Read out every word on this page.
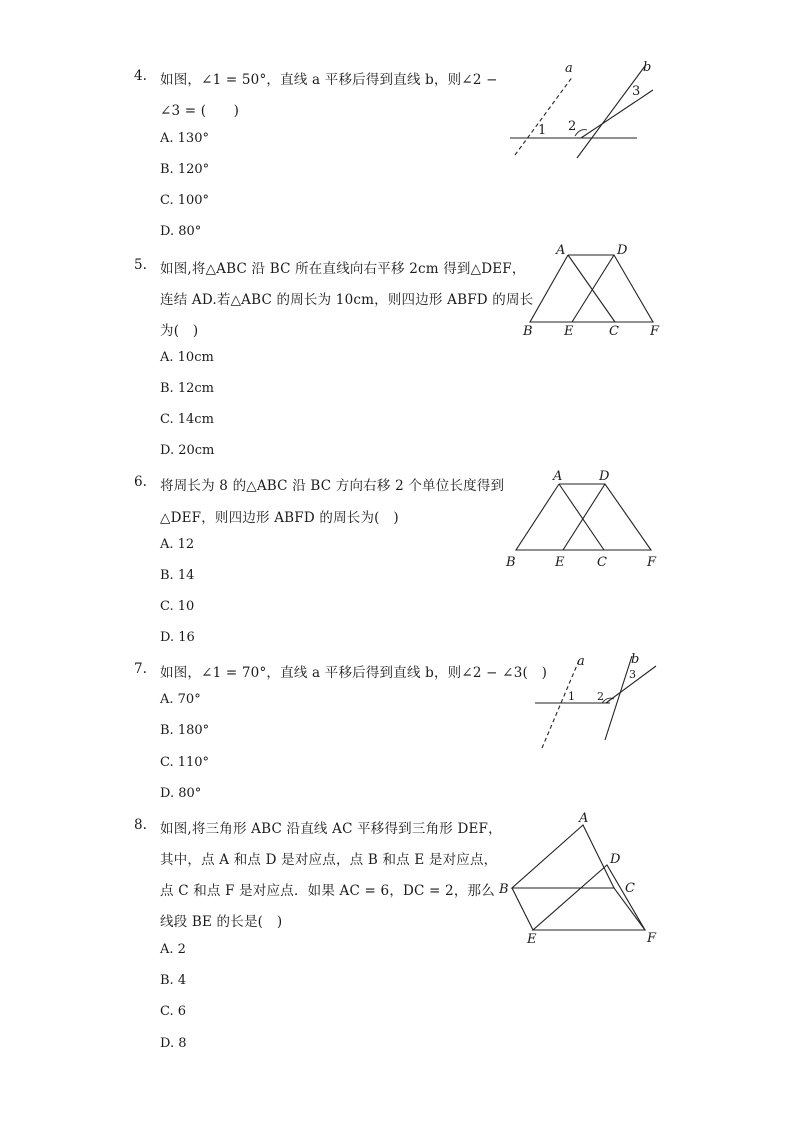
4. 如图，∠1 = 50°，直线 a 平移后得到直线 b，则∠2 −
∠3 = (　　)
A. 130°
B. 120°
C. 100°
D. 80°
a	b
1 2
3
5. 如图,将△ABC 沿 BC 所在直线向右平移 2cm 得到△DEF，
连结 AD.若△ABC 的周长为 10cm，则四边形 ABFD 的周长
为(　)
A. 10cm
B. 12cm
C. 14cm
D. 20cm
A	D
B E	C F
6. 将周长为 8 的△ABC 沿 BC 方向右移 2 个单位长度得到
△DEF，则四边形 ABFD 的周长为(　)
A. 12
B. 14
C. 10
D. 16
A	D
B	E	C	F
7. 如图，∠1 = 70°，直线 a 平移后得到直线 b，则∠2 − ∠3(　)
A. 70°
B. 180°
C. 110°
D. 80°
a	b
1 2
3
8. 如图,将三角形 ABC 沿直线 AC 平移得到三角形 DEF，
其中，点 A 和点 D 是对应点，点 B 和点 E 是对应点，
点 C 和点 F 是对应点．如果 AC = 6，DC = 2，那么
线段 BE 的长是(　)
A. 2
B. 4
C. 6
D. 8
A
D
B	C
E	F
